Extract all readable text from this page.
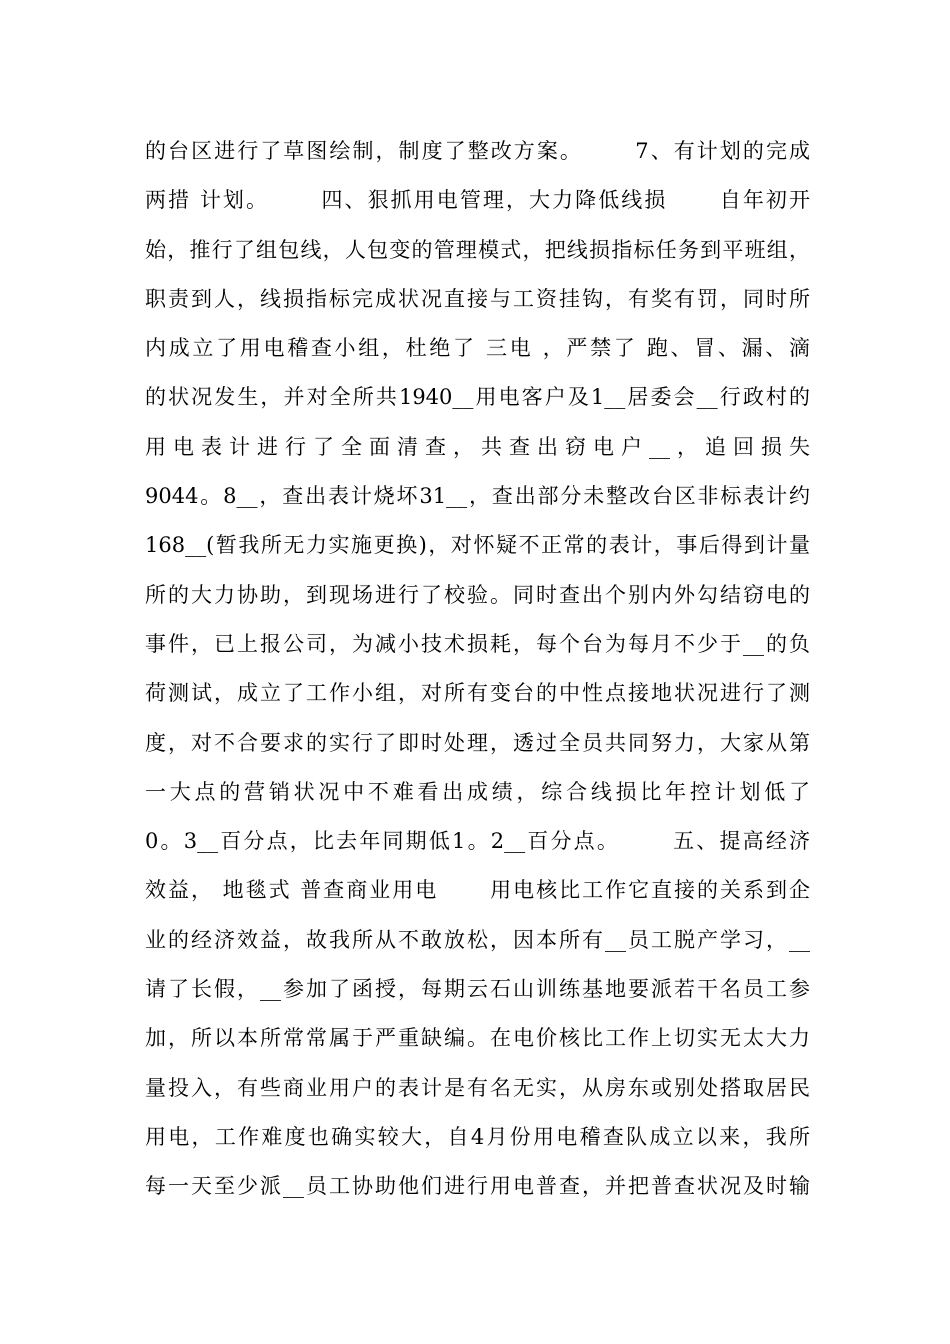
的台区进行了草图绘制，制度了整改方案。      7、有计划的完成
两措 计划。      四、狠抓用电管理，大力降低线损      自年初开
始，推行了组包线，人包变的管理模式，把线损指标任务到平班组，
职责到人，线损指标完成状况直接与工资挂钩，有奖有罚，同时所
内成立了用电稽查小组，杜绝了 三电 ，严禁了 跑、冒、漏、滴
的状况发生，并对全所共1940__用电客户及1__居委会__行政村的
用电表计进行了全面清查，共查出窃电户__，追回损失
9044。8__，查出表计烧坏31__，查出部分未整改台区非标表计约
168__(暂我所无力实施更换)，对怀疑不正常的表计，事后得到计量
所的大力协助，到现场进行了校验。同时查出个别内外勾结窃电的
事件，已上报公司，为减小技术损耗，每个台为每月不少于__的负
荷测试，成立了工作小组，对所有变台的中性点接地状况进行了测
度，对不合要求的实行了即时处理，透过全员共同努力，大家从第
一大点的营销状况中不难看出成绩，综合线损比年控计划低了
0。3__百分点，比去年同期低1。2__百分点。      五、提高经济
效益， 地毯式 普查商业用电      用电核比工作它直接的关系到企
业的经济效益，故我所从不敢放松，因本所有__员工脱产学习，__
请了长假，__参加了函授，每期云石山训练基地要派若干名员工参
加，所以本所常常属于严重缺编。在电价核比工作上切实无太大力
量投入，有些商业用户的表计是有名无实，从房东或别处搭取居民
用电，工作难度也确实较大，自4月份用电稽查队成立以来，我所
每一天至少派__员工协助他们进行用电普查，并把普查状况及时输
